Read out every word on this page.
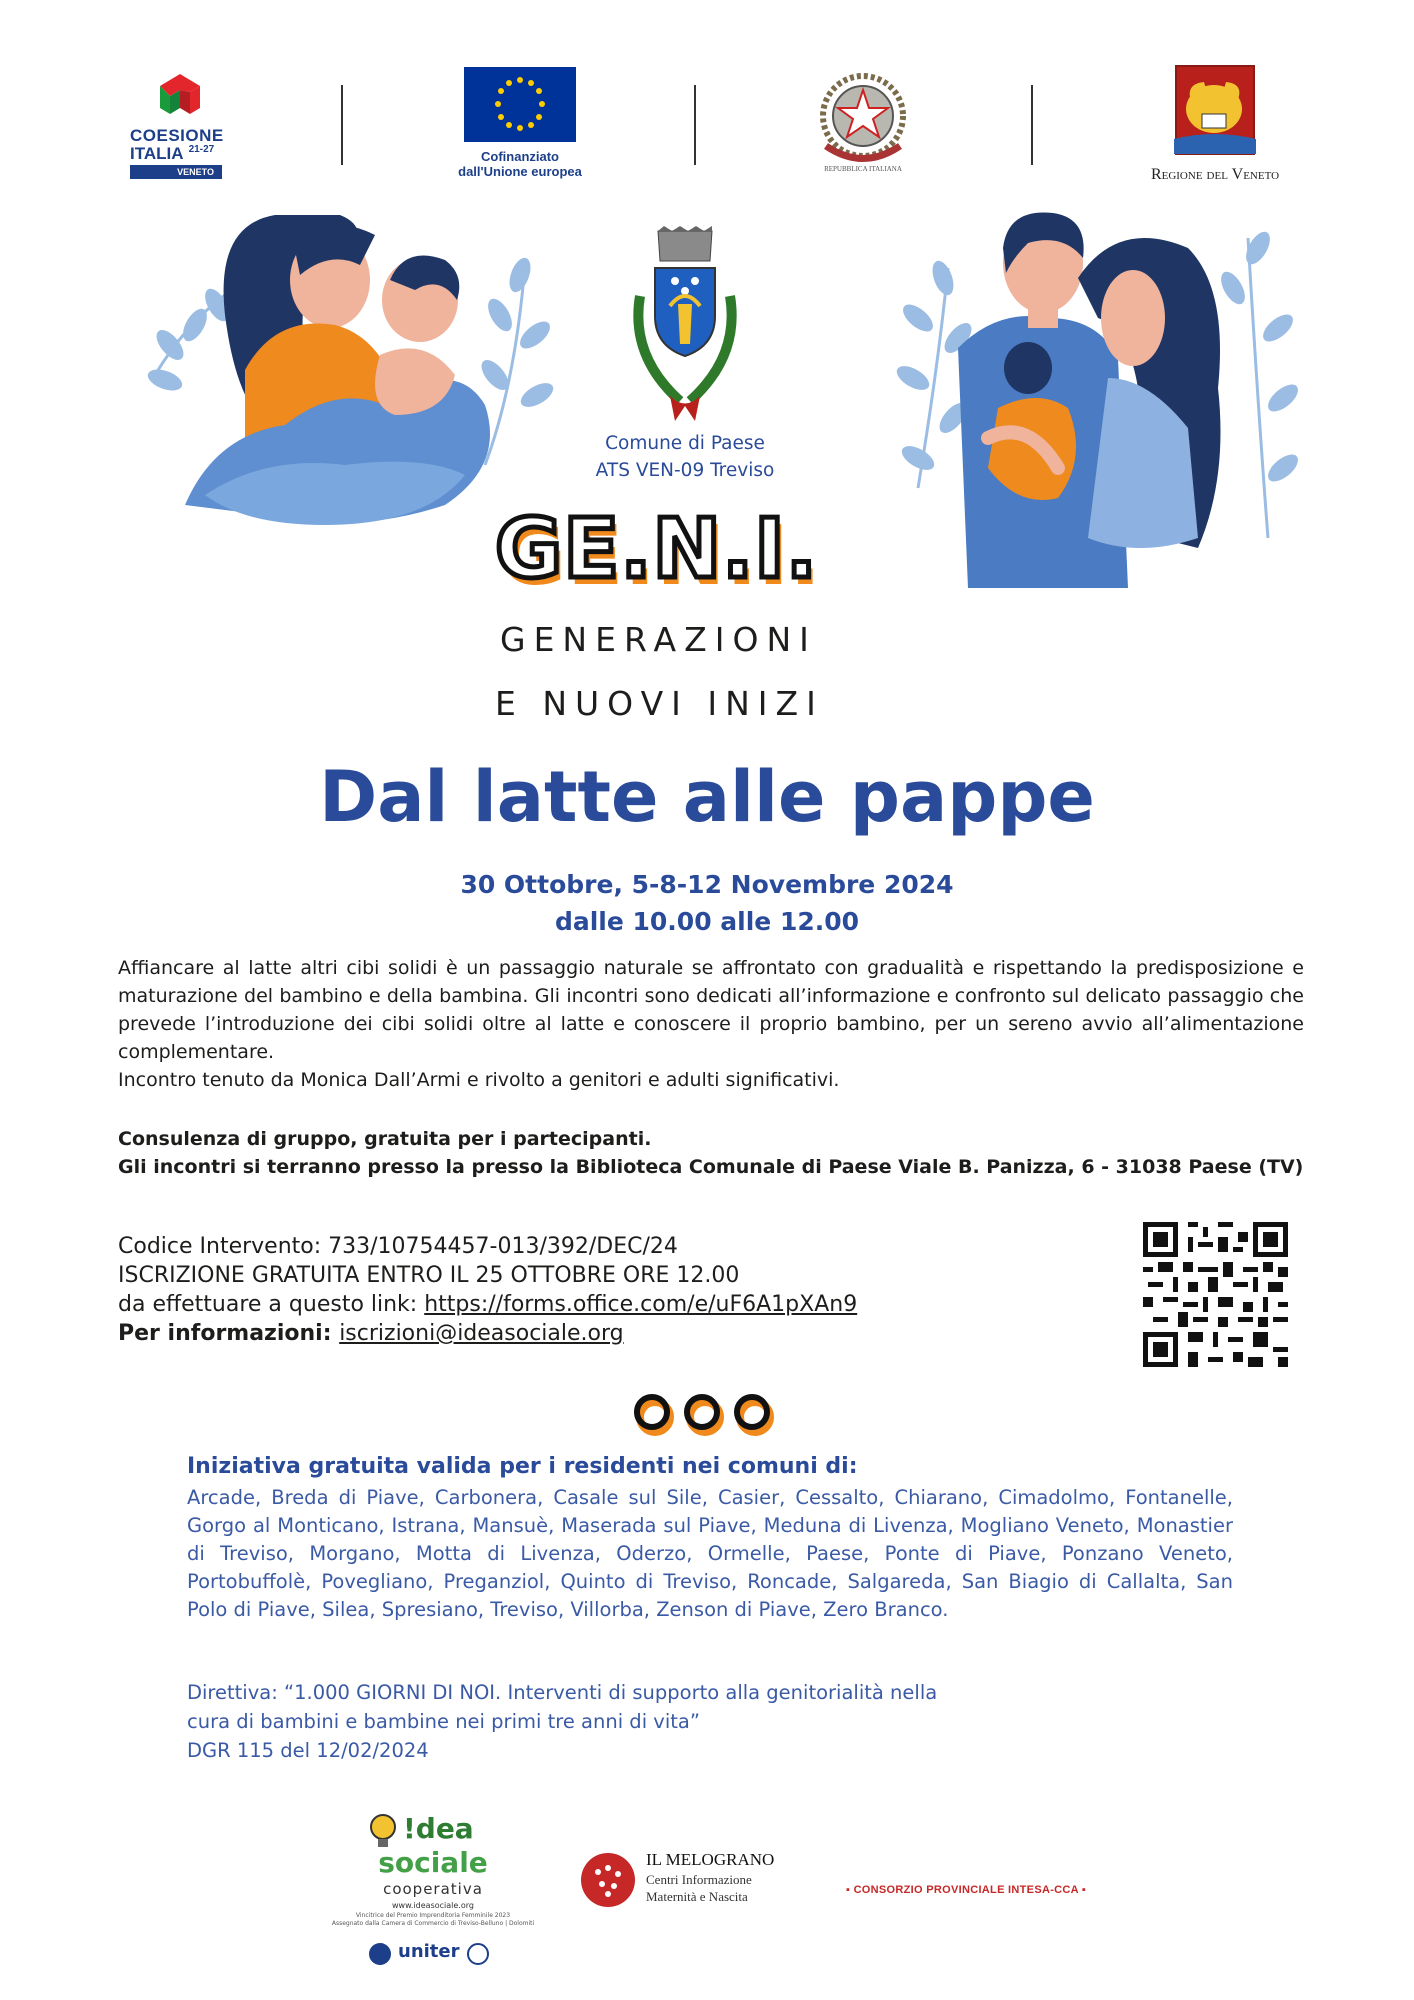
COESIONE
ITALIA $^{21-27}$
VENETO
Cofinanziato
dall'Unione europea	REPUBBLICA ITALIANA	Regione del Veneto
Comune di Paese
ATS VEN-09 Treviso
GE.N.I.
GENERAZIONI
E NUOVI INIZI
Dal latte alle pappe
30 Ottobre, 5-8-12 Novembre 2024
dalle 10.00 alle 12.00

Affiancare al latte altri cibi solidi è un passaggio naturale se affrontato con gradualità e rispettando la predisposizione e maturazione del bambino e della bambina. Gli incontri sono dedicati all’informazione e confronto sul delicato passaggio che prevede l’introduzione dei cibi solidi oltre al latte e conoscere il proprio bambino, per un sereno avvio all’alimentazione complementare.

Incontro tenuto da Monica Dall’Armi e rivolto a genitori e adulti significativi.

Consulenza di gruppo, gratuita per i partecipanti.

Gli incontri si terranno presso la presso la Biblioteca Comunale di Paese Viale B. Panizza, 6 - 31038 Paese (TV)

Codice Intervento: 733/10754457-013/392/DEC/24
ISCRIZIONE GRATUITA ENTRO IL 25 OTTOBRE ORE 12.00
da effettuare a questo link: https://forms.office.com/e/uF6A1pXAn9
Per informazioni: iscrizioni@ideasociale.org
Iniziativa gratuita valida per i residenti nei comuni di:
Arcade, Breda di Piave, Carbonera, Casale sul Sile, Casier, Cessalto, Chiarano, Cimadolmo, Fontanelle, Gorgo al Monticano, Istrana, Mansuè, Maserada sul Piave, Meduna di Livenza, Mogliano Veneto, Monastier di Treviso, Morgano, Motta di Livenza, Oderzo, Ormelle, Paese, Ponte di Piave, Ponzano Veneto, Portobuffolè, Povegliano, Preganziol, Quinto di Treviso, Roncade, Salgareda, San Biagio di Callalta, San Polo di Piave, Silea, Spresiano, Treviso, Villorba, Zenson di Piave, Zero Branco.
Direttiva: “1.000 GIORNI DI NOI. Interventi di supporto alla genitorialità nella
cura di bambini e bambine nei primi tre anni di vita”
DGR 115 del 12/02/2024
!dea
sociale
cooperativa
www.ideasociale.org
Vincitrice del Premio Imprenditoria Femminile 2023
Assegnato dalla Camera di Commercio di Treviso-Belluno | Dolomiti
uniter
IL MELOGRANO
Centri Informazione
Maternità e Nascita	▪ CONSORZIO PROVINCIALE INTESA-CCA ▪
